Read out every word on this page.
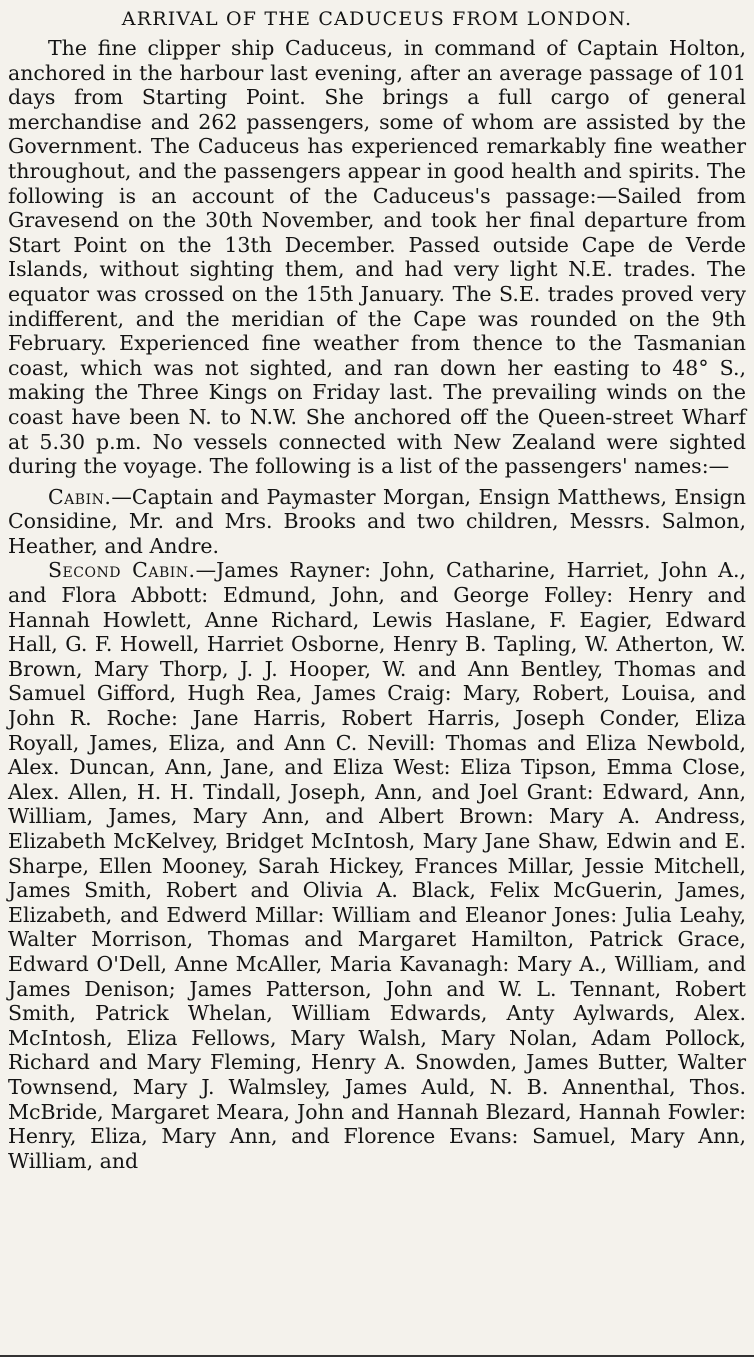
ARRIVAL OF THE CADUCEUS FROM LONDON.

The fine clipper ship Caduceus, in command of Captain Holton, anchored in the harbour last evening, after an average passage of 101 days from Starting Point. She brings a full cargo of general merchandise and 262 passengers, some of whom are assisted by the Government. The Caduceus has experienced remarkably fine weather throughout, and the passengers appear in good health and spirits. The following is an account of the Caduceus's passage:—Sailed from Gravesend on the 30th November, and took her final departure from Start Point on the 13th December. Passed outside Cape de Verde Islands, without sighting them, and had very light N.E. trades. The equator was crossed on the 15th January. The S.E. trades proved very indifferent, and the meridian of the Cape was rounded on the 9th February. Experienced fine weather from thence to the Tasmanian coast, which was not sighted, and ran down her easting to 48° S., making the Three Kings on Friday last. The prevailing winds on the coast have been N. to N.W. She anchored off the Queen-street Wharf at 5.30 p.m. No vessels connected with New Zealand were sighted during the voyage. The following is a list of the passengers' names:—

Cabin.—Captain and Paymaster Morgan, Ensign Matthews, Ensign Considine, Mr. and Mrs. Brooks and two children, Messrs. Salmon, Heather, and Andre.

Second Cabin.—James Rayner: John, Catharine, Harriet, John A., and Flora Abbott: Edmund, John, and George Folley: Henry and Hannah Howlett, Anne Richard, Lewis Haslane, F. Eagier, Edward Hall, G. F. Howell, Harriet Osborne, Henry B. Tapling, W. Atherton, W. Brown, Mary Thorp, J. J. Hooper, W. and Ann Bentley, Thomas and Samuel Gifford, Hugh Rea, James Craig: Mary, Robert, Louisa, and John R. Roche: Jane Harris, Robert Harris, Joseph Conder, Eliza Royall, James, Eliza, and Ann C. Nevill: Thomas and Eliza Newbold, Alex. Duncan, Ann, Jane, and Eliza West: Eliza Tipson, Emma Close, Alex. Allen, H. H. Tindall, Joseph, Ann, and Joel Grant: Edward, Ann, William, James, Mary Ann, and Albert Brown: Mary A. Andress, Elizabeth McKelvey, Bridget McIntosh, Mary Jane Shaw, Edwin and E. Sharpe, Ellen Mooney, Sarah Hickey, Frances Millar, Jessie Mitchell, James Smith, Robert and Olivia A. Black, Felix McGuerin, James, Elizabeth, and Edwerd Millar: William and Eleanor Jones: Julia Leahy, Walter Morrison, Thomas and Margaret Hamilton, Patrick Grace, Edward O'Dell, Anne McAller, Maria Kavanagh: Mary A., William, and James Denison; James Patterson, John and W. L. Tennant, Robert Smith, Patrick Whelan, William Edwards, Anty Aylwards, Alex. McIntosh, Eliza Fellows, Mary Walsh, Mary Nolan, Adam Pollock, Richard and Mary Fleming, Henry A. Snowden, James Butter, Walter Townsend, Mary J. Walmsley, James Auld, N. B. Annenthal, Thos. McBride, Margaret Meara, John and Hannah Blezard, Hannah Fowler: Henry, Eliza, Mary Ann, and Florence Evans: Samuel, Mary Ann, William, and
